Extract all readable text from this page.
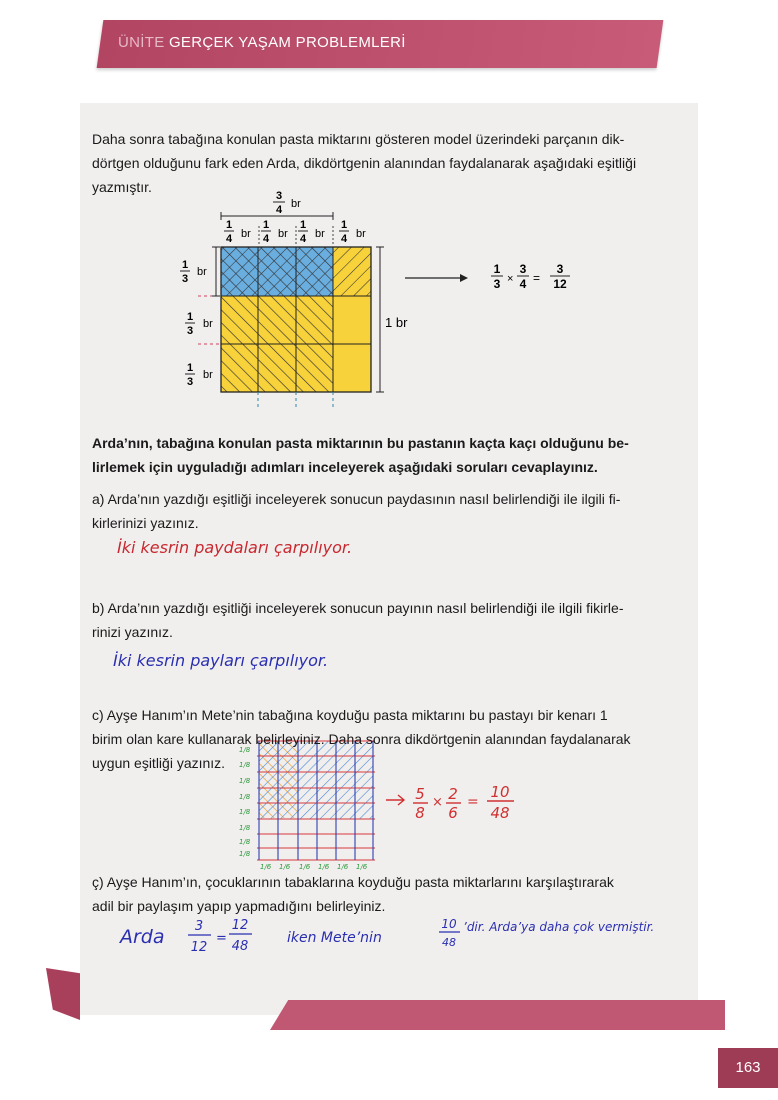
ÜNİTE GERÇEK YAŞAM PROBLEMLERİ
Daha sonra tabağına konulan pasta miktarını gösteren model üzerindeki parçanın dik-
dörtgen olduğunu fark eden Arda, dikdörtgenin alanından faydalanarak aşağıdaki eşitliği
yazmıştır.
3
4 br
1
4 br
1
4 br
1
4 br
1
4 br
1 br
1
3
br
1
3
br
1
3
br
1
3 ×
3
4 =
3
12
1/8
1/8
1/8
1/8
1/8
1/8
1/8
1/8
1/6 1/6 1/6 1/6 1/6 1/6
5
8
× 2
6
=
10
48
Arda 3
12
=
12
48
iken Mete’nin
10
48
’dir. Arda’ya daha çok vermiştir.
Arda’nın, tabağına konulan pasta miktarının bu pastanın kaçta kaçı olduğunu be-
lirlemek için uyguladığı adımları inceleyerek aşağıdaki soruları cevaplayınız.
a) Arda’nın yazdığı eşitliği inceleyerek sonucun paydasının nasıl belirlendiği ile ilgili fi-
kirlerinizi yazınız.
İki kesrin paydaları çarpılıyor.
b) Arda’nın yazdığı eşitliği inceleyerek sonucun payının nasıl belirlendiği ile ilgili fikirle-
rinizi yazınız.
İki kesrin payları çarpılıyor.
c) Ayşe Hanım’ın Mete’nin tabağına koyduğu pasta miktarını bu pastayı bir kenarı 1
birim olan kare kullanarak belirleyiniz. Daha sonra dikdörtgenin alanından faydalanarak
uygun eşitliği yazınız.
ç) Ayşe Hanım’ın, çocuklarının tabaklarına koyduğu pasta miktarlarını karşılaştırarak
adil bir paylaşım yapıp yapmadığını belirleyiniz.
163
